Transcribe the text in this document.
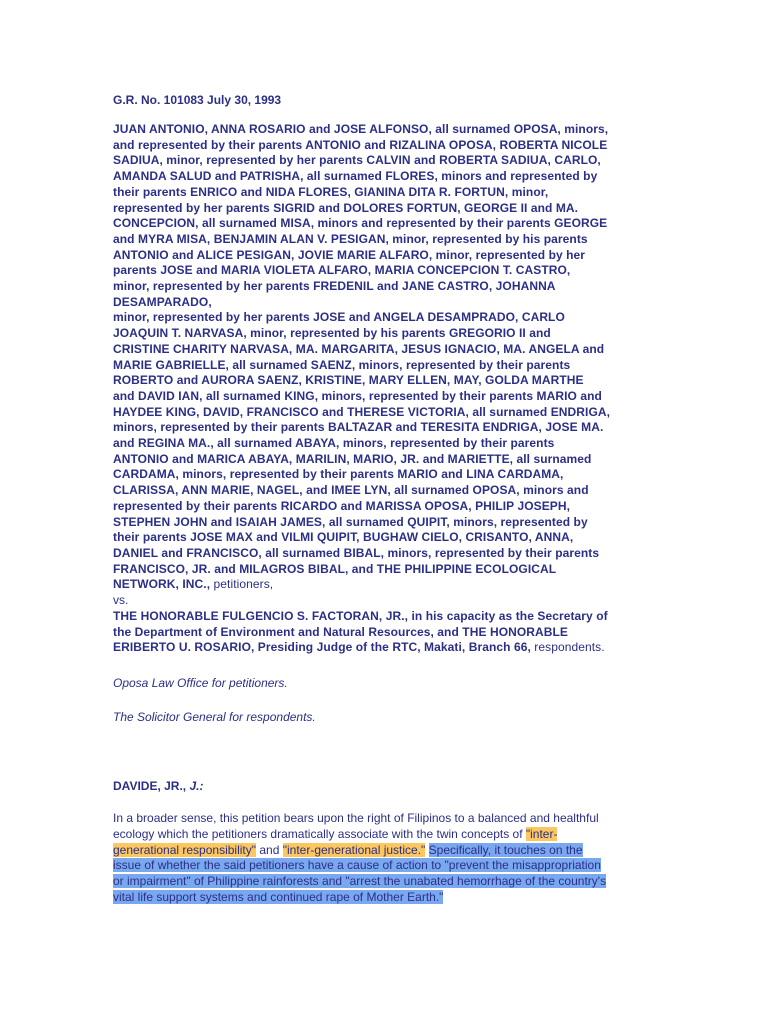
G.R. No. 101083 July 30, 1993
JUAN ANTONIO, ANNA ROSARIO and JOSE ALFONSO, all surnamed OPOSA, minors,
and represented by their parents ANTONIO and RIZALINA OPOSA, ROBERTA NICOLE
SADIUA, minor, represented by her parents CALVIN and ROBERTA SADIUA, CARLO,
AMANDA SALUD and PATRISHA, all surnamed FLORES, minors and represented by
their parents ENRICO and NIDA FLORES, GIANINA DITA R. FORTUN, minor,
represented by her parents SIGRID and DOLORES FORTUN, GEORGE II and MA.
CONCEPCION, all surnamed MISA, minors and represented by their parents GEORGE
and MYRA MISA, BENJAMIN ALAN V. PESIGAN, minor, represented by his parents
ANTONIO and ALICE PESIGAN, JOVIE MARIE ALFARO, minor, represented by her
parents JOSE and MARIA VIOLETA ALFARO, MARIA CONCEPCION T. CASTRO,
minor, represented by her parents FREDENIL and JANE CASTRO, JOHANNA
DESAMPARADO,
minor, represented by her parents JOSE and ANGELA DESAMPRADO, CARLO
JOAQUIN T. NARVASA, minor, represented by his parents GREGORIO II and
CRISTINE CHARITY NARVASA, MA. MARGARITA, JESUS IGNACIO, MA. ANGELA and
MARIE GABRIELLE, all surnamed SAENZ, minors, represented by their parents
ROBERTO and AURORA SAENZ, KRISTINE, MARY ELLEN, MAY, GOLDA MARTHE
and DAVID IAN, all surnamed KING, minors, represented by their parents MARIO and
HAYDEE KING, DAVID, FRANCISCO and THERESE VICTORIA, all surnamed ENDRIGA,
minors, represented by their parents BALTAZAR and TERESITA ENDRIGA, JOSE MA.
and REGINA MA., all surnamed ABAYA, minors, represented by their parents
ANTONIO and MARICA ABAYA, MARILIN, MARIO, JR. and MARIETTE, all surnamed
CARDAMA, minors, represented by their parents MARIO and LINA CARDAMA,
CLARISSA, ANN MARIE, NAGEL, and IMEE LYN, all surnamed OPOSA, minors and
represented by their parents RICARDO and MARISSA OPOSA, PHILIP JOSEPH,
STEPHEN JOHN and ISAIAH JAMES, all surnamed QUIPIT, minors, represented by
their parents JOSE MAX and VILMI QUIPIT, BUGHAW CIELO, CRISANTO, ANNA,
DANIEL and FRANCISCO, all surnamed BIBAL, minors, represented by their parents
FRANCISCO, JR. and MILAGROS BIBAL, and THE PHILIPPINE ECOLOGICAL
NETWORK, INC., petitioners,
vs.
THE HONORABLE FULGENCIO S. FACTORAN, JR., in his capacity as the Secretary of
the Department of Environment and Natural Resources, and THE HONORABLE
ERIBERTO U. ROSARIO, Presiding Judge of the RTC, Makati, Branch 66, respondents.

Oposa Law Office for petitioners.

The Solicitor General for respondents.

DAVIDE, JR., J.:
In a broader sense, this petition bears upon the right of Filipinos to a balanced and healthful
ecology which the petitioners dramatically associate with the twin concepts of "inter-
generational responsibility" and "inter-generational justice." Specifically, it touches on the
issue of whether the said petitioners have a cause of action to "prevent the misappropriation
or impairment" of Philippine rainforests and "arrest the unabated hemorrhage of the country's
vital life support systems and continued rape of Mother Earth."
